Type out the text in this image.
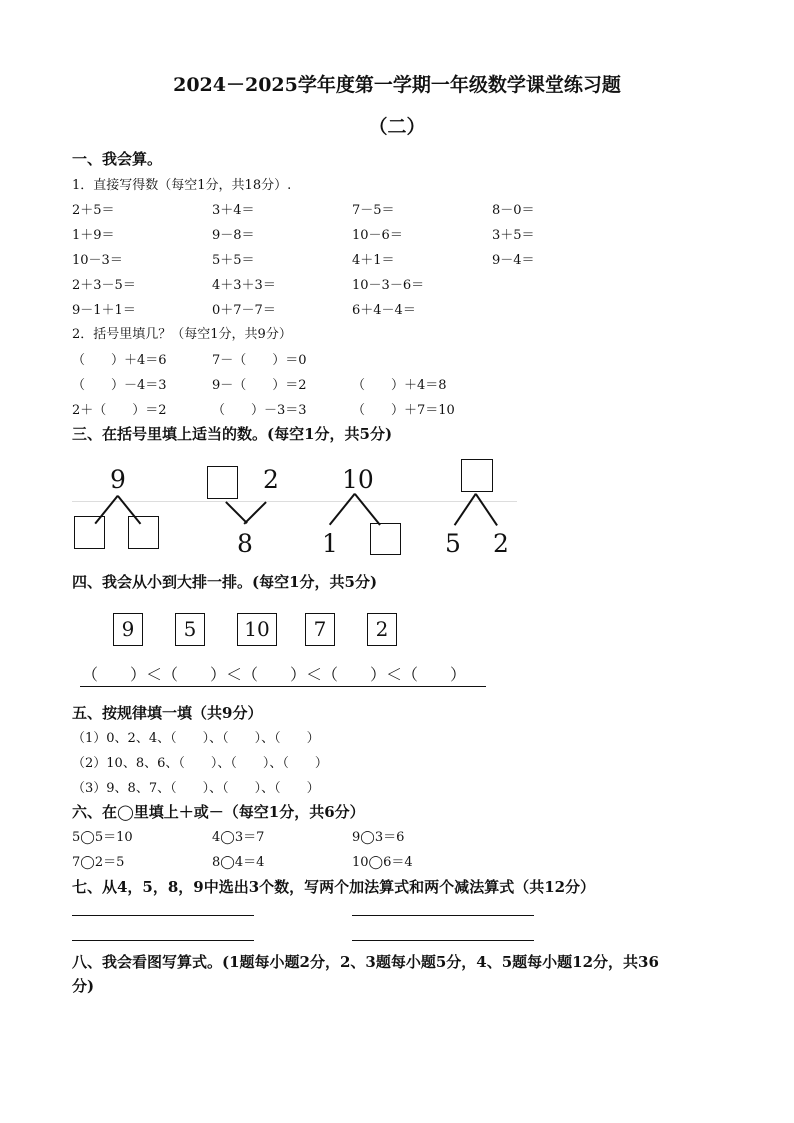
2024－2025学年度第一学期一年级数学课堂练习题
（二）
一、我会算。
1．直接写得数（每空1分，共18分）.
2＋5＝	3＋4＝	7－5＝	8－0＝
1＋9＝	9－8＝	10－6＝	3＋5＝
10－3＝	5＋5＝	4＋1＝	9－4＝
2＋3－5＝	4＋3＋3＝	10－3－6＝
9－1＋1＝	0＋7－7＝	6＋4－4＝
2．括号里填几？（每空1分，共9分）
（　　）＋4＝6	7－（　　）＝0
（　　）－4＝3	9－（　　）＝2	（　　）＋4＝8
2＋（　　）＝2	（　　）－3＝3	（　　）＋7＝10
三、在括号里填上适当的数。(每空1分，共5分)
9	2
8
10
1	5 2
四、我会从小到大排一排。(每空1分，共5分)
9	5	10	7	2
（　　）＜（　　）＜（　　）＜（　　）＜（　　）
五、按规律填一填（共9分）
（1）0、2、4、（　　）、（　　）、（　　）
（2）10、8、6、（　　）、（　　）、（　　）
（3）9、8、7、（　　）、（　　）、（　　）
六、在◯里填上＋或－（每空1分，共6分）
5◯5＝10	4◯3＝7	9◯3＝6
7◯2＝5	8◯4＝4	10◯6＝4
七、从4，5，8，9中选出3个数，写两个加法算式和两个减法算式（共12分）
八、我会看图写算式。(1题每小题2分，2、3题每小题5分，4、5题每小题12分，共36
分)
